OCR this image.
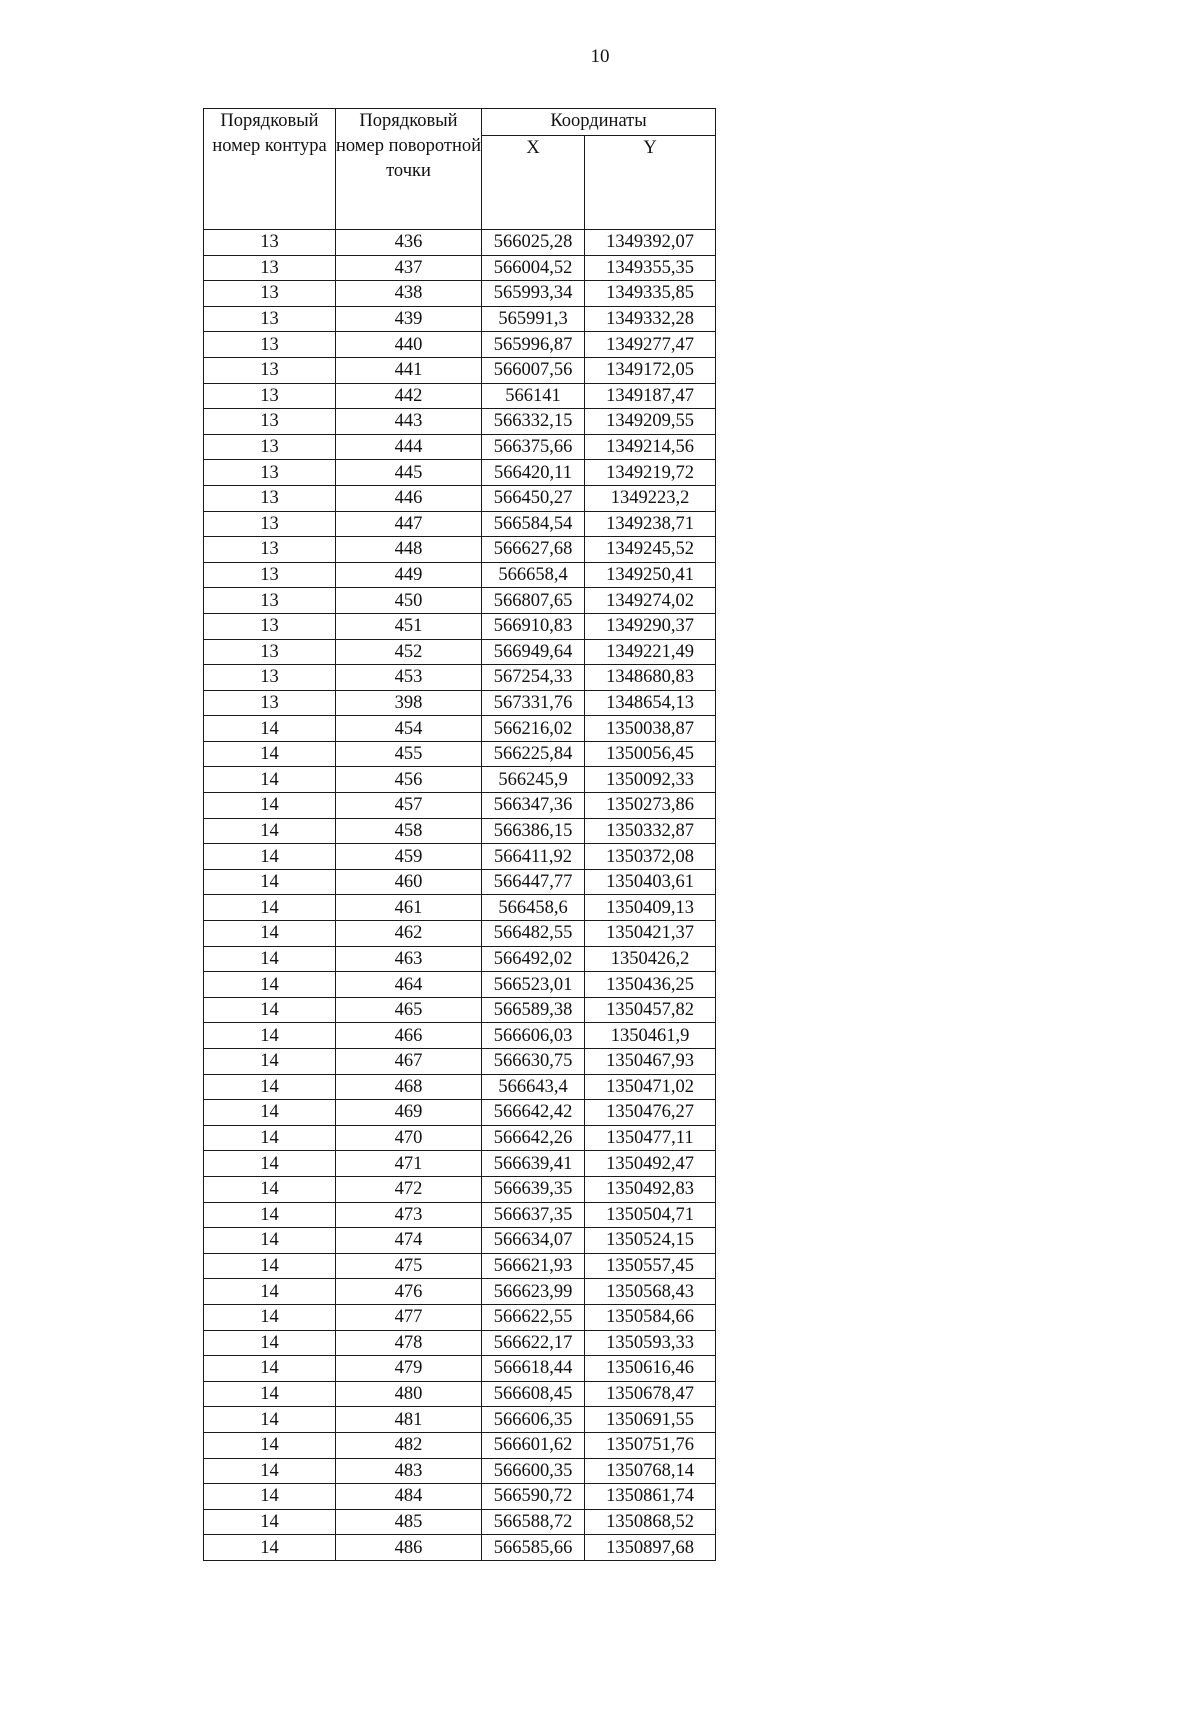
10
Порядковый номер контура	Порядковый номер поворотной точки	Координаты	
		X	Y
13	436	566025,28	1349392,07
13	437	566004,52	1349355,35
13	438	565993,34	1349335,85
13	439	565991,3	1349332,28
13	440	565996,87	1349277,47
13	441	566007,56	1349172,05
13	442	566141	1349187,47
13	443	566332,15	1349209,55
13	444	566375,66	1349214,56
13	445	566420,11	1349219,72
13	446	566450,27	1349223,2
13	447	566584,54	1349238,71
13	448	566627,68	1349245,52
13	449	566658,4	1349250,41
13	450	566807,65	1349274,02
13	451	566910,83	1349290,37
13	452	566949,64	1349221,49
13	453	567254,33	1348680,83
13	398	567331,76	1348654,13
14	454	566216,02	1350038,87
14	455	566225,84	1350056,45
14	456	566245,9	1350092,33
14	457	566347,36	1350273,86
14	458	566386,15	1350332,87
14	459	566411,92	1350372,08
14	460	566447,77	1350403,61
14	461	566458,6	1350409,13
14	462	566482,55	1350421,37
14	463	566492,02	1350426,2
14	464	566523,01	1350436,25
14	465	566589,38	1350457,82
14	466	566606,03	1350461,9
14	467	566630,75	1350467,93
14	468	566643,4	1350471,02
14	469	566642,42	1350476,27
14	470	566642,26	1350477,11
14	471	566639,41	1350492,47
14	472	566639,35	1350492,83
14	473	566637,35	1350504,71
14	474	566634,07	1350524,15
14	475	566621,93	1350557,45
14	476	566623,99	1350568,43
14	477	566622,55	1350584,66
14	478	566622,17	1350593,33
14	479	566618,44	1350616,46
14	480	566608,45	1350678,47
14	481	566606,35	1350691,55
14	482	566601,62	1350751,76
14	483	566600,35	1350768,14
14	484	566590,72	1350861,74
14	485	566588,72	1350868,52
14	486	566585,66	1350897,68
